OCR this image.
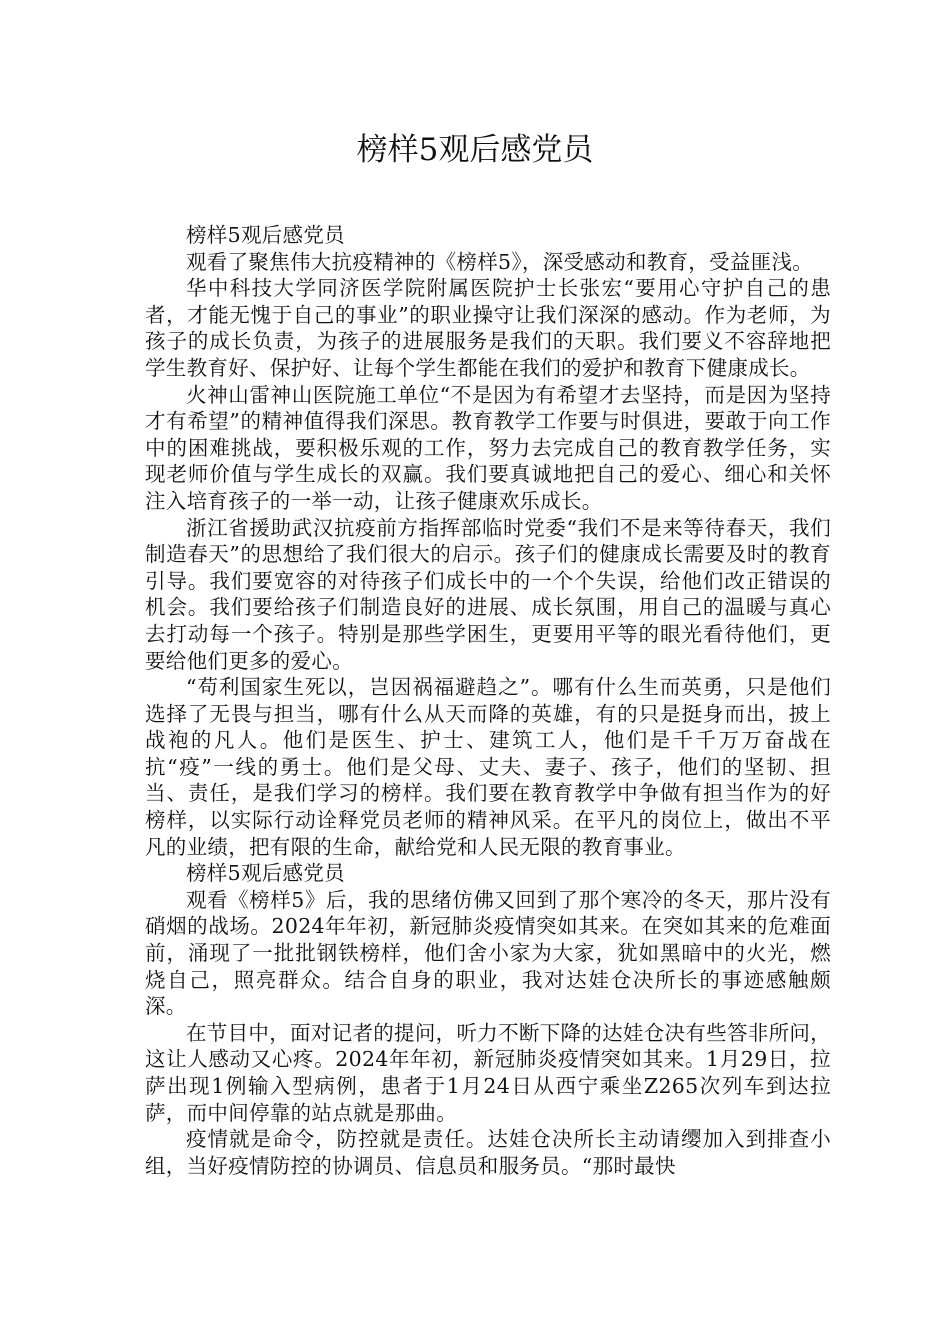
榜样5观后感党员

榜样5观后感党员

观看了聚焦伟大抗疫精神的《榜样5》，深受感动和教育，受益匪浅。

华中科技大学同济医学院附属医院护士长张宏“要用心守护自己的患者，才能无愧于自己的事业”的职业操守让我们深深的感动。作为老师，为孩子的成长负责，为孩子的进展服务是我们的天职。我们要义不容辞地把学生教育好、保护好、让每个学生都能在我们的爱护和教育下健康成长。

火神山雷神山医院施工单位“不是因为有希望才去坚持，而是因为坚持才有希望”的精神值得我们深思。教育教学工作要与时俱进，要敢于向工作中的困难挑战，要积极乐观的工作，努力去完成自己的教育教学任务，实现老师价值与学生成长的双赢。我们要真诚地把自己的爱心、细心和关怀注入培育孩子的一举一动，让孩子健康欢乐成长。

浙江省援助武汉抗疫前方指挥部临时党委“我们不是来等待春天，我们制造春天”的思想给了我们很大的启示。孩子们的健康成长需要及时的教育引导。我们要宽容的对待孩子们成长中的一个个失误，给他们改正错误的机会。我们要给孩子们制造良好的进展、成长氛围，用自己的温暖与真心去打动每一个孩子。特别是那些学困生，更要用平等的眼光看待他们，更要给他们更多的爱心。

“苟利国家生死以，岂因祸福避趋之”。哪有什么生而英勇，只是他们选择了无畏与担当，哪有什么从天而降的英雄，有的只是挺身而出，披上战袍的凡人。他们是医生、护士、建筑工人，他们是千千万万奋战在抗“疫”一线的勇士。他们是父母、丈夫、妻子、孩子，他们的坚韧、担当、责任，是我们学习的榜样。我们要在教育教学中争做有担当作为的好榜样，以实际行动诠释党员老师的精神风采。在平凡的岗位上，做出不平凡的业绩，把有限的生命，献给党和人民无限的教育事业。

榜样5观后感党员

观看《榜样5》后，我的思绪仿佛又回到了那个寒冷的冬天，那片没有硝烟的战场。2024年年初，新冠肺炎疫情突如其来。在突如其来的危难面前，涌现了一批批钢铁榜样，他们舍小家为大家，犹如黑暗中的火光，燃烧自己，照亮群众。结合自身的职业，我对达娃仓决所长的事迹感触颇深。

在节目中，面对记者的提问，听力不断下降的达娃仓决有些答非所问，这让人感动又心疼。2024年年初，新冠肺炎疫情突如其来。1月29日，拉萨出现1例输入型病例，患者于1月24日从西宁乘坐Z265次列车到达拉萨，而中间停靠的站点就是那曲。

疫情就是命令，防控就是责任。达娃仓决所长主动请缨加入到排查小组，当好疫情防控的协调员、信息员和服务员。“那时最快
